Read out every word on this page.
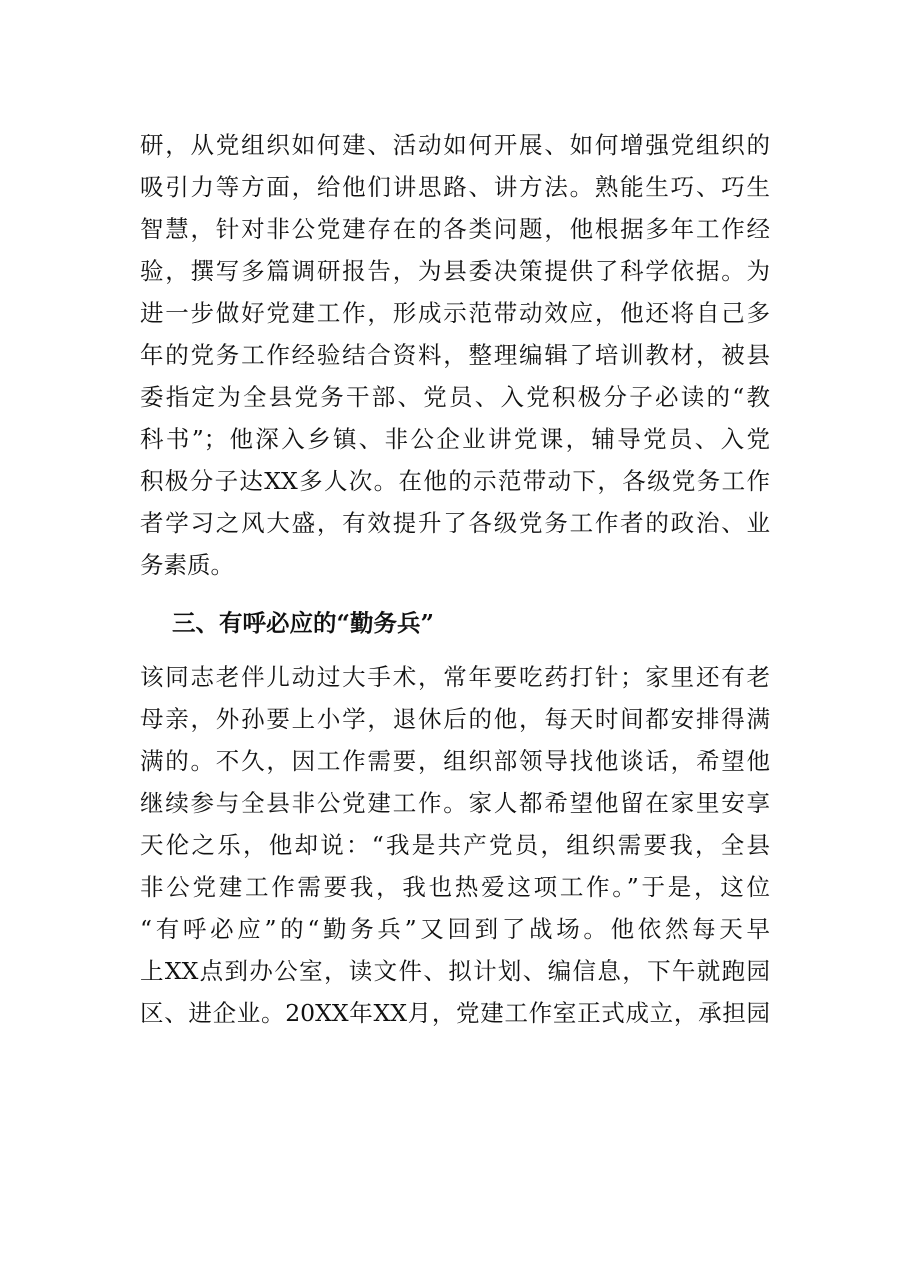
研，从党组织如何建、活动如何开展、如何增强党组织的
吸引力等方面，给他们讲思路、讲方法。熟能生巧、巧生
智慧，针对非公党建存在的各类问题，他根据多年工作经
验，撰写多篇调研报告，为县委决策提供了科学依据。为
进一步做好党建工作，形成示范带动效应，他还将自己多
年的党务工作经验结合资料，整理编辑了培训教材，被县
委指定为全县党务干部、党员、入党积极分子必读的“教
科书”；他深入乡镇、非公企业讲党课，辅导党员、入党
积极分子达XX多人次。在他的示范带动下，各级党务工作
者学习之风大盛，有效提升了各级党务工作者的政治、业
务素质。
三、有呼必应的“勤务兵”
该同志老伴儿动过大手术，常年要吃药打针；家里还有老
母亲，外孙要上小学，退休后的他，每天时间都安排得满
满的。不久，因工作需要，组织部领导找他谈话，希望他
继续参与全县非公党建工作。家人都希望他留在家里安享
天伦之乐，他却说：“我是共产党员，组织需要我，全县
非公党建工作需要我，我也热爱这项工作。”于是，这位
“有呼必应”的“勤务兵”又回到了战场。他依然每天早
上XX点到办公室，读文件、拟计划、编信息，下午就跑园
区、进企业。20XX年XX月，党建工作室正式成立，承担园
